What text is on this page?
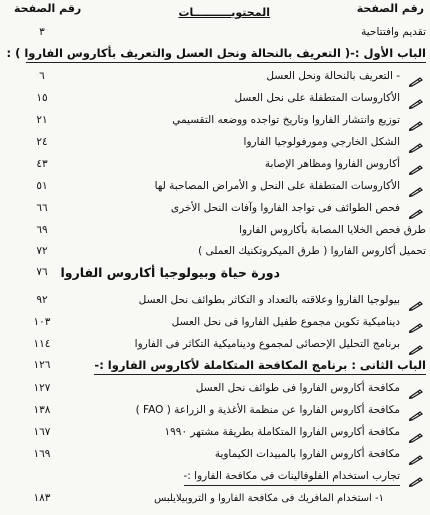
رقم الصفحة
المحتويــــــــــات
رقم الصفحة
تقديم وافتتاحية
٣
الباب الأول :-( التعريف بالنحالة ونحل العسل والتعريف بأكاروس الفاروا ) :
- التعريف بالنحالة ونحل العسل
٦
الأكاروسات المتطفلة على نحل العسل
١٥
توزيع وانتشار الفاروا وتاريخ تواجده ووضعه التقسيمي
٢١
الشكل الخارجي ومورفولوجيا الفاروا
٢٤
أكاروس الفاروا ومظاهر الإصابة
٤٣
الأكاروسات المتطفلة على النحل و الأمراض المصاحبة لها
٥١
فحص الطوائف فى تواجد الفاروا وآفات النحل الأخرى
٦٦
طرق فحص الخلايا المصابة بأكاروس الفاروا
٦٩
تحميل أكاروس الفاروا ( طرق الميكروتكنيك العملى )
٧٢
دورة حياة وبيولوجيا أكاروس الفاروا
٧٦
بيولوجيا الفاروا وعلاقته بالتعداد و التكاثر بطوائف نحل العسل
٩٢
ديناميكية تكوين مجموع طفيل الفاروا فى نحل العسل
١٠٣
برنامج التحليل الإحصائى لمجموع وديناميكية التكاثر فى الفاروا
١١٤
الباب الثانى : برنامج المكافحة المتكاملة لأكاروس الفاروا :-
١٢٦
مكافحة أكاروس الفاروا فى طوائف نحل العسل
١٢٧
مكافحة أكاروس الفاروا عن منظمة الأغذية و الزراعة ( FAO )
١٣٨
مكافحة أكاروس الفاروا المتكاملة بطريقة مشتهر ١٩٩٠
١٦٧
مكافحة أكاروس الفاروا بالمبيدات الكيماوية
١٦٩
تجارب استخدام الفلوفالينات فى مكافحة الفاروا :-
١- استخدام المافريك فى مكافحة الفاروا و التروبيلايلبس
١٨٣
